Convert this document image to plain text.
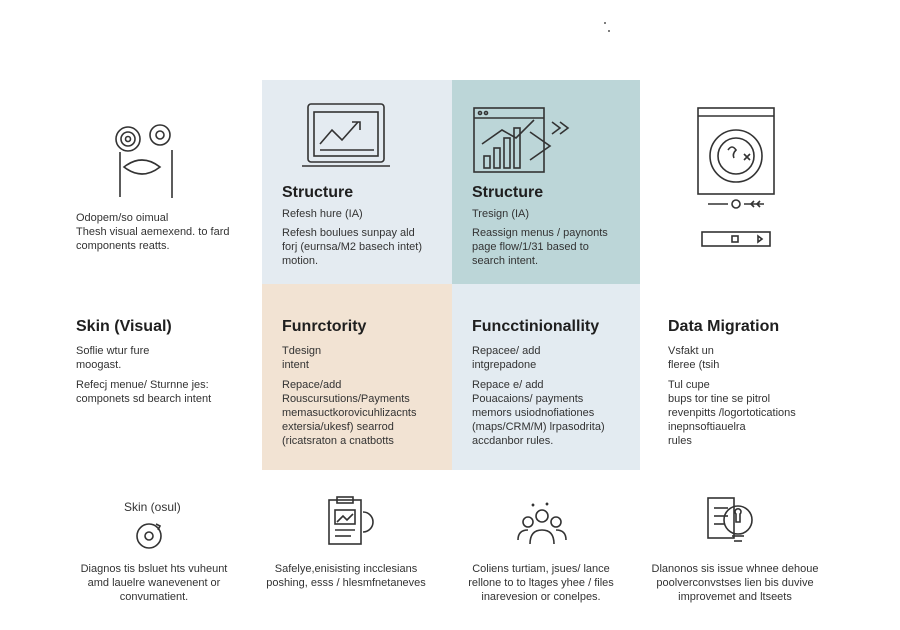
Odopem/so oimual
Thesh visual aemexend. to fard
components reatts.
Structure
Refesh hure (IA)
Refesh boulues sunpay ald
forj (eurnsa/M2 basech intet)
motion.
Structure
Tresign (IA)
Reassign menus / paynonts
page flow/1/31 based to
search intent.
Skin (Visual)
Soflie wtur fure
moogast.
Refecj menue/ Sturnne jes:
componets sd bearch intent
Funrctority
Tdesign
intent
Repace/add
Rouscursutions/Payments
memasuctkorovicuhlizacnts
extersia/ukesf) searrod
(ricatsraton a cnatbotts
Funcctinionallity
Repacee/ add
intgrepadone
Repace e/ add
Pouacaions/ payments
memors usiodnofiationes
(maps/CRM/M) lrpasodrita)
accdanbor rules.
Data Migration
Vsfakt un
fleree (tsih
Tul cupe
bups tor tine se pitrol
revenpitts /logortotications
inepnsoftiauelra
rules
Skin (osul)
Diagnos tis bsluet hts vuheunt
amd lauelre wanevenent or
convumatient.
Safelye,enisisting incclesians
poshing, esss / hlesmfnetaneves
Coliens turtiam, jsues/ lance
rellone to to ltages yhee / files
inarevesion or conelpes.
Dlanonos sis issue whnee dehoue
poolverconvstses lien bis duvive
improvemet and ltseets
